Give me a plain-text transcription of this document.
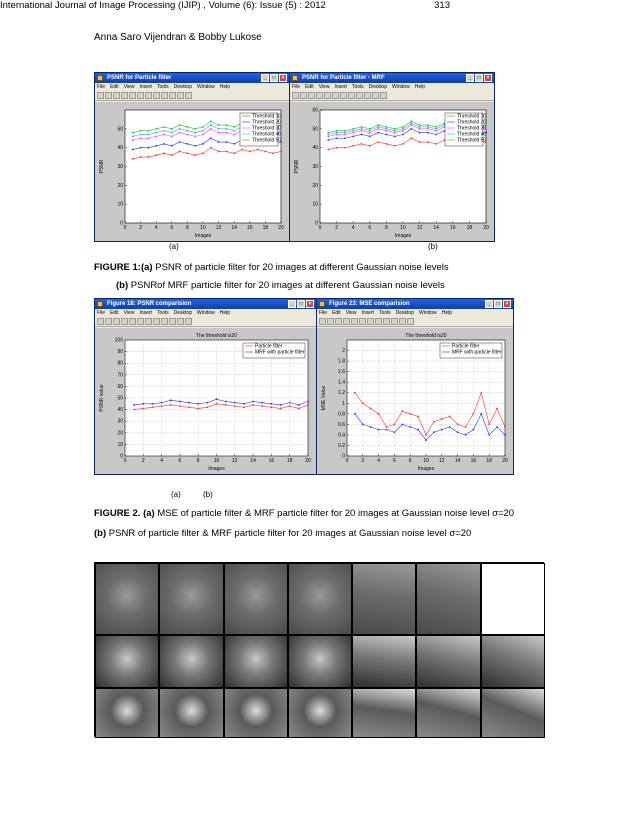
Anna Saro Vijendran & Bobby Lukose
PSNR for Particle filter	_	□	×
File Edit View Insert Tools Desktop Window Help
0	2	4	6	8 10 12 14 16 18 20
0
10
20
30
40
50
Images
PSNR
Threshold 10
Threshold 20
Threshold 30
Threshold 40
Threshold 50
PSNR for Particle filter - MRF	_	□	×
File Edit View Insert Tools Desktop Window Help
0	2	4	6	8 10 12 14 16 18 20
0
10
20
30
40
50
60
Images
PSNR
Threshold 10
Threshold 20
Threshold 30
Threshold 40
Threshold 50
(a)	(b)
FIGURE 1:(a) PSNR of particle filter for 20 images at different Gaussian noise levels
(b) PSNRof MRF particle filter for 20 images at different Gaussian noise levels
Figure 18: PSNR comparision	_	□	×
File Edit View Insert Tools Desktop Window Help
0	2	4	6	8	10	12	14	16	18	20
0
10
20
30
40
50
60
70
80
90
100
Images
PSNR value
The threshold is20
Particle filter
MRF with particle filter
Figure 23: MSE comparision	_	□	×
File Edit View Insert Tools Desktop Window Help
0	2	4	6	8 10 12 14 16 18 20
0
0.2
0.4
0.6
0.8
1
1.2
1.4
1.6
1.8
2
Images
MSE Value
The threshold is20
Particle filter
MRF with particle filter
(a)	(b)
FIGURE 2. (a) MSE of particle filter & MRF particle filter for 20 images at Gaussian noise level σ=20
(b) PSNR of particle filter & MRF particle filter for 20 images at Gaussian noise level σ=20
International Journal of Image Processing (IJIP) , Volume (6): Issue (5) : 2012	313
